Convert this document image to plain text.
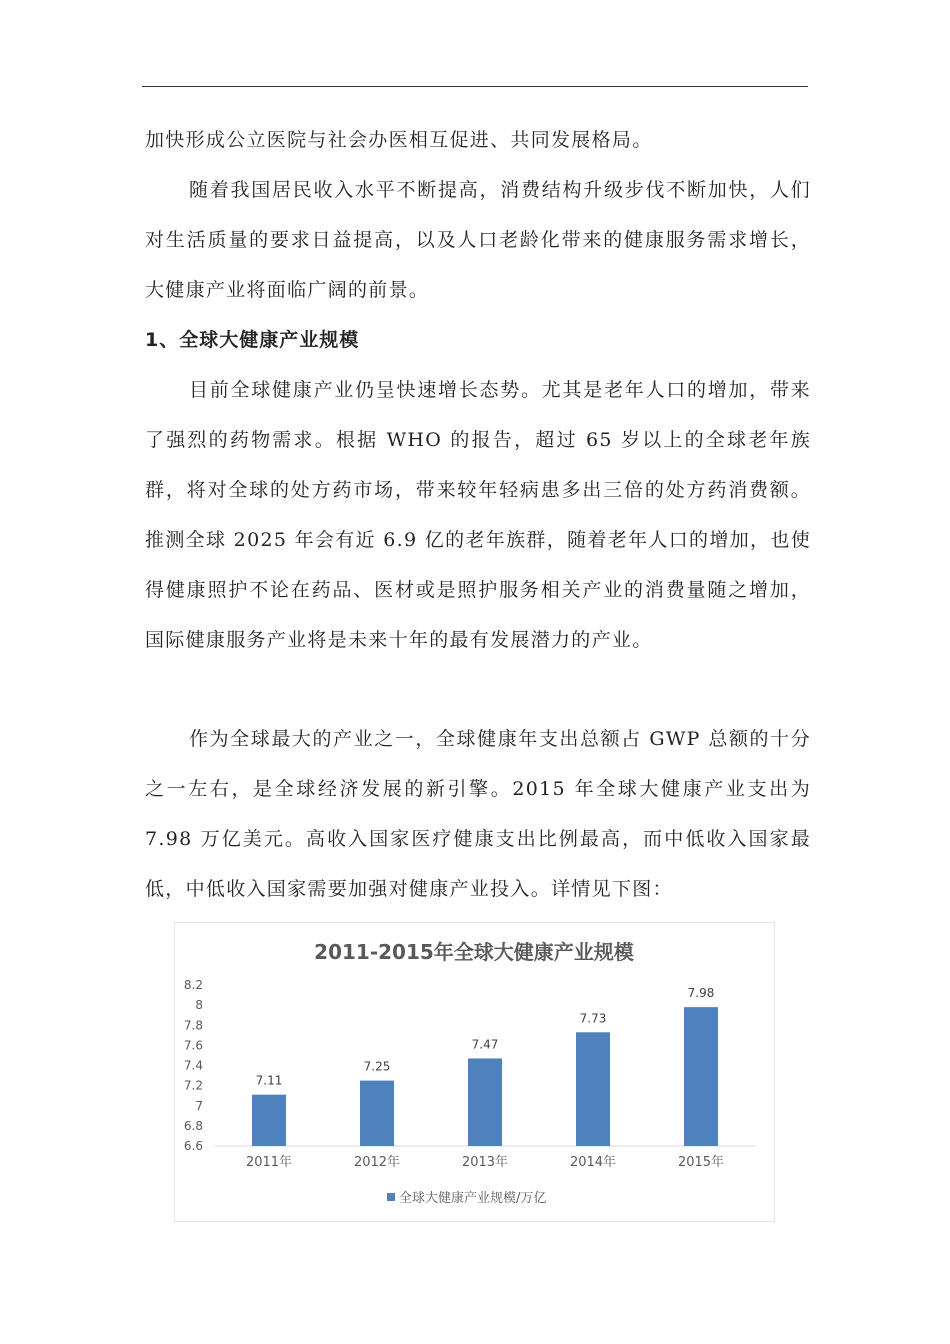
加快形成公立医院与社会办医相互促进、共同发展格局。

随着我国居民收入水平不断提高，消费结构升级步伐不断加快，人们对生活质量的要求日益提高，以及人口老龄化带来的健康服务需求增长，大健康产业将面临广阔的前景。

1、全球大健康产业规模

目前全球健康产业仍呈快速增长态势。尤其是老年人口的增加，带来了强烈的药物需求。根据 WHO 的报告，超过 65 岁以上的全球老年族群，将对全球的处方药市场，带来较年轻病患多出三倍的处方药消费额。推测全球 2025 年会有近 6.9 亿的老年族群，随着老年人口的增加，也使得健康照护不论在药品、医材或是照护服务相关产业的消费量随之增加，国际健康服务产业将是未来十年的最有发展潜力的产业。

作为全球最大的产业之一，全球健康年支出总额占 GWP 总额的十分之一左右，是全球经济发展的新引擎。2015 年全球大健康产业支出为 7.98 万亿美元。高收入国家医疗健康支出比例最高，而中低收入国家最低，中低收入国家需要加强对健康产业投入。详情见下图：

2011-2015年全球大健康产业规模
6.6
6.8
7
7.2
7.4
7.6
7.8
8
8.2
7.11
7.25
7.47
7.73
7.98
2011年	2012年	2013年	2014年	2015年
全球大健康产业规模/万亿
